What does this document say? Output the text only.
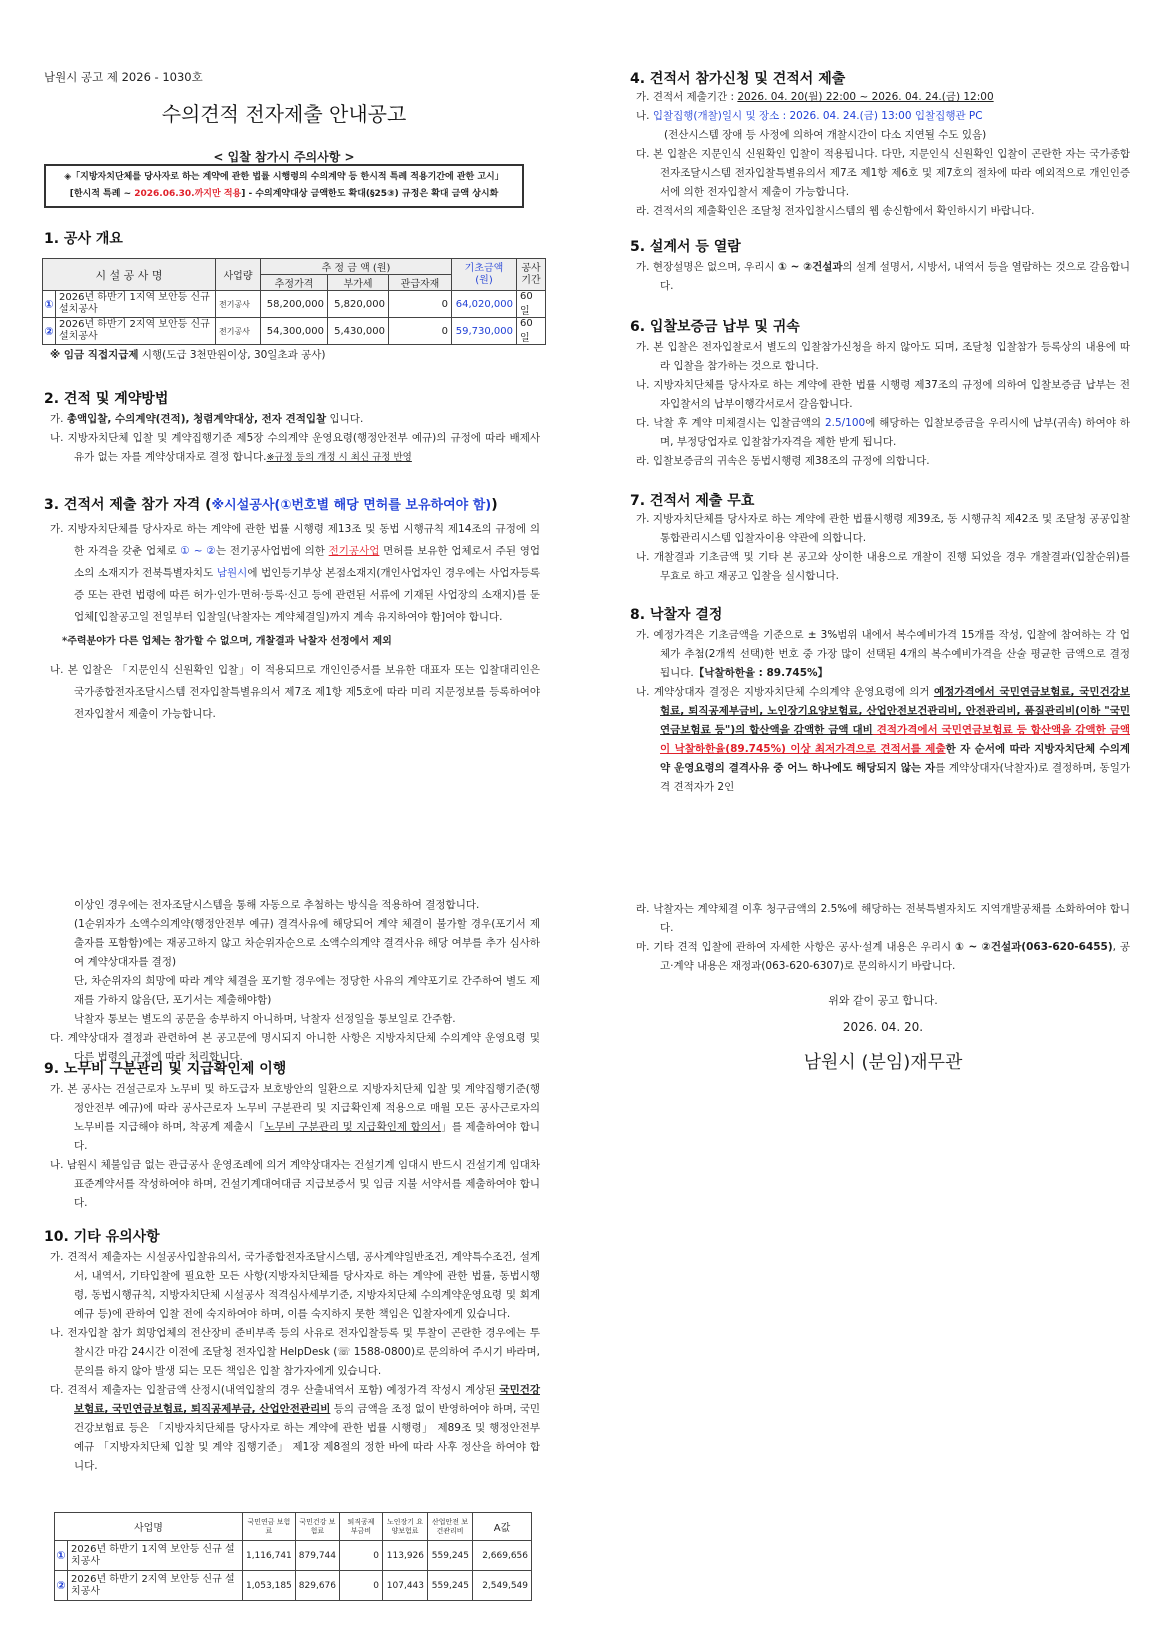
남원시 공고 제 2026 - 1030호
수의견적 전자제출 안내공고
< 입찰 참가시 주의사항 >
◈「지방자치단체를 당사자로 하는 계약에 관한 법률 시행령의 수의계약 등 한시적 특례 적용기간에 관한 고시」
[한시적 특례 ~ 2026.06.30.까지만 적용] - 수의계약대상 금액한도 확대(§25③) 규정은 확대 금액 상시화
1. 공사 개요
시 설 공 사 명		사업량	추 정 금 액 (원)			기초금액 (원)	공사 기간
			추정가격	부가세	관급자재		
①	2026년 하반기 1지역 보안등 신규 설치공사	전기공사	58,200,000	5,820,000	0	64,020,000	60일
②	2026년 하반기 2지역 보안등 신규 설치공사	전기공사	54,300,000	5,430,000	0	59,730,000	60일
※ 임금 직접지급제 시행(도급 3천만원이상, 30일초과 공사)
2. 견적 및 계약방법
가. 총액입찰, 수의계약(견적), 청렴계약대상, 전자 견적입찰 입니다.
나. 지방자치단체 입찰 및 계약집행기준 제5장 수의계약 운영요령(행정안전부 예규)의 규정에 따라 배제사유가 없는 자를 계약상대자로 결정 합니다.※규정 등의 개정 시 최신 규정 반영
3. 견적서 제출 참가 자격 (※시설공사(①번호별 해당 면허를 보유하여야 함))
가. 지방자치단체를 당사자로 하는 계약에 관한 법률 시행령 제13조 및 동법 시행규칙 제14조의 규정에 의한 자격을 갖춘 업체로 ① ~ ②는 전기공사업법에 의한 전기공사업 면허를 보유한 업체로서 주된 영업소의 소재지가 전북특별자치도 남원시에 법인등기부상 본점소재지(개인사업자인 경우에는 사업자등록증 또는 관련 법령에 따른 허가·인가·면허·등록·신고 등에 관련된 서류에 기재된 사업장의 소재지)를 둔 업체[입찰공고일 전일부터 입찰일(낙찰자는 계약체결일)까지 계속 유지하여야 함]여야 합니다.
*주력분야가 다른 업체는 참가할 수 없으며, 개찰결과 낙찰자 선정에서 제외
나. 본 입찰은 「지문인식 신원확인 입찰」이 적용되므로 개인인증서를 보유한 대표자 또는 입찰대리인은 국가종합전자조달시스템 전자입찰특별유의서 제7조 제1항 제5호에 따라 미리 지문정보를 등록하여야 전자입찰서 제출이 가능합니다.
4. 견적서 참가신청 및 견적서 제출
가. 견적서 제출기간 : 2026. 04. 20(월) 22:00 ~ 2026. 04. 24.(금) 12:00
나. 입찰집행(개찰)일시 및 장소 : 2026. 04. 24.(금) 13:00 입찰집행관 PC
(전산시스템 장애 등 사정에 의하여 개찰시간이 다소 지연될 수도 있음)
다. 본 입찰은 지문인식 신원확인 입찰이 적용됩니다. 다만, 지문인식 신원확인 입찰이 곤란한 자는 국가종합전자조달시스템 전자입찰특별유의서 제7조 제1항 제6호 및 제7호의 절차에 따라 예외적으로 개인인증서에 의한 전자입찰서 제출이 가능합니다.
라. 견적서의 제출확인은 조달청 전자입찰시스템의 웹 송신함에서 확인하시기 바랍니다.
5. 설계서 등 열람
가. 현장설명은 없으며, 우리시 ① ~ ②건설과의 설계 설명서, 시방서, 내역서 등을 열람하는 것으로 갈음합니다.
6. 입찰보증금 납부 및 귀속
가. 본 입찰은 전자입찰로서 별도의 입찰참가신청을 하지 않아도 되며, 조달청 입찰참가 등록상의 내용에 따라 입찰을 참가하는 것으로 합니다.
나. 지방자치단체를 당사자로 하는 계약에 관한 법률 시행령 제37조의 규정에 의하여 입찰보증금 납부는 전자입찰서의 납부이행각서로서 갈음합니다.
다. 낙찰 후 계약 미체결시는 입찰금액의 2.5/100에 해당하는 입찰보증금을 우리시에 납부(귀속) 하여야 하며, 부정당업자로 입찰참가자격을 제한 받게 됩니다.
라. 입찰보증금의 귀속은 동법시행령 제38조의 규정에 의합니다.
7. 견적서 제출 무효
가. 지방자치단체를 당사자로 하는 계약에 관한 법률시행령 제39조, 동 시행규칙 제42조 및 조달청 공공입찰 통합관리시스템 입찰자이용 약관에 의합니다.
나. 개찰결과 기초금액 및 기타 본 공고와 상이한 내용으로 개찰이 진행 되었을 경우 개찰결과(입찰순위)를 무효로 하고 재공고 입찰을 실시합니다.
8. 낙찰자 결정
가. 예정가격은 기초금액을 기준으로 ± 3%범위 내에서 복수예비가격 15개를 작성, 입찰에 참여하는 각 업체가 추첨(2개씩 선택)한 번호 중 가장 많이 선택된 4개의 복수예비가격을 산술 평균한 금액으로 결정됩니다.【낙찰하한율 : 89.745%】
나. 계약상대자 결정은 지방자치단체 수의계약 운영요령에 의거 예정가격에서 국민연금보험료, 국민건강보험료, 퇴직공제부금비, 노인장기요양보험료, 산업안전보건관리비, 안전관리비, 품질관리비(이하 "국민연금보험료 등")의 합산액을 감액한 금액 대비 견적가격에서 국민연금보험료 등 합산액을 감액한 금액이 낙찰하한율(89.745%) 이상 최저가격으로 견적서를 제출한 자 순서에 따라 지방자치단체 수의계약 운영요령의 결격사유 중 어느 하나에도 해당되지 않는 자를 계약상대자(낙찰자)로 결정하며, 동일가격 견적자가 2인
이상인 경우에는 전자조달시스템을 통해 자동으로 추첨하는 방식을 적용하여 결정합니다.
(1순위자가 소액수의계약(행정안전부 예규) 결격사유에 해당되어 계약 체결이 불가할 경우(포기서 제출자를 포함함)에는 재공고하지 않고 차순위자순으로 소액수의계약 결격사유 해당 여부를 추가 심사하여 계약상대자를 결정)
단, 차순위자의 희망에 따라 계약 체결을 포기할 경우에는 정당한 사유의 계약포기로 간주하여 별도 제재를 가하지 않음(단, 포기서는 제출해야함)
낙찰자 통보는 별도의 공문을 송부하지 아니하며, 낙찰자 선정일을 통보일로 간주함.
다. 계약상대자 결정과 관련하여 본 공고문에 명시되지 아니한 사항은 지방자치단체 수의계약 운영요령 및 다른 법령의 규정에 따라 처리합니다.
9. 노무비 구분관리 및 지급확인제 이행
가. 본 공사는 건설근로자 노무비 및 하도급자 보호방안의 일환으로 지방자치단체 입찰 및 계약집행기준(행정안전부 예규)에 따라 공사근로자 노무비 구분관리 및 지급확인제 적용으로 매월 모든 공사근로자의 노무비를 지급해야 하며, 착공계 제출시「노무비 구분관리 및 지급확인제 합의서」를 제출하여야 합니다.
나. 남원시 체불임금 없는 관급공사 운영조례에 의거 계약상대자는 건설기계 임대시 반드시 건설기계 임대차 표준계약서를 작성하여야 하며, 건설기계대여대금 지급보증서 및 임금 지불 서약서를 제출하여야 합니다.
10. 기타 유의사항
가. 견적서 제출자는 시설공사입찰유의서, 국가종합전자조달시스템, 공사계약일반조건, 계약특수조건, 설계서, 내역서, 기타입찰에 필요한 모든 사항(지방자치단체를 당사자로 하는 계약에 관한 법률, 동법시행령, 동법시행규칙, 지방자치단체 시설공사 적격심사세부기준, 지방자치단체 수의계약운영요령 및 회계예규 등)에 관하여 입찰 전에 숙지하여야 하며, 이를 숙지하지 못한 책임은 입찰자에게 있습니다.
나. 전자입찰 참가 희망업체의 전산장비 준비부족 등의 사유로 전자입찰등록 및 투찰이 곤란한 경우에는 투찰시간 마감 24시간 이전에 조달청 전자입찰 HelpDesk (☏ 1588-0800)로 문의하여 주시기 바라며, 문의를 하지 않아 발생 되는 모든 책임은 입찰 참가자에게 있습니다.
다. 견적서 제출자는 입찰금액 산정시(내역입찰의 경우 산출내역서 포함) 예정가격 작성시 계상된 국민건강보험료, 국민연금보험료, 퇴직공제부금, 산업안전관리비 등의 금액을 조정 없이 반영하여야 하며, 국민건강보험료 등은 「지방자치단체를 당사자로 하는 계약에 관한 법률 시행령」 제89조 및 행정안전부 예규 「지방자치단체 입찰 및 계약 집행기준」 제1장 제8절의 정한 바에 따라 사후 정산을 하여야 합니다.
사업명		국민연금 보험료	국민건강 보험료	퇴직공제 부금비	노인장기 요양보험료	산업안전 보건관리비	A값
①	2026년 하반기 1지역 보안등 신규 설치공사	1,116,741	879,744	0	113,926	559,245	2,669,656
②	2026년 하반기 2지역 보안등 신규 설치공사	1,053,185	829,676	0	107,443	559,245	2,549,549
라. 낙찰자는 계약체결 이후 청구금액의 2.5%에 해당하는 전북특별자치도 지역개발공채를 소화하여야 합니다.
마. 기타 견적 입찰에 관하여 자세한 사항은 공사·설계 내용은 우리시 ① ~ ②건설과(063-620-6455), 공고·계약 내용은 재정과(063-620-6307)로 문의하시기 바랍니다.
위와 같이 공고 합니다.
2026. 04. 20.
남원시 (분임)재무관
